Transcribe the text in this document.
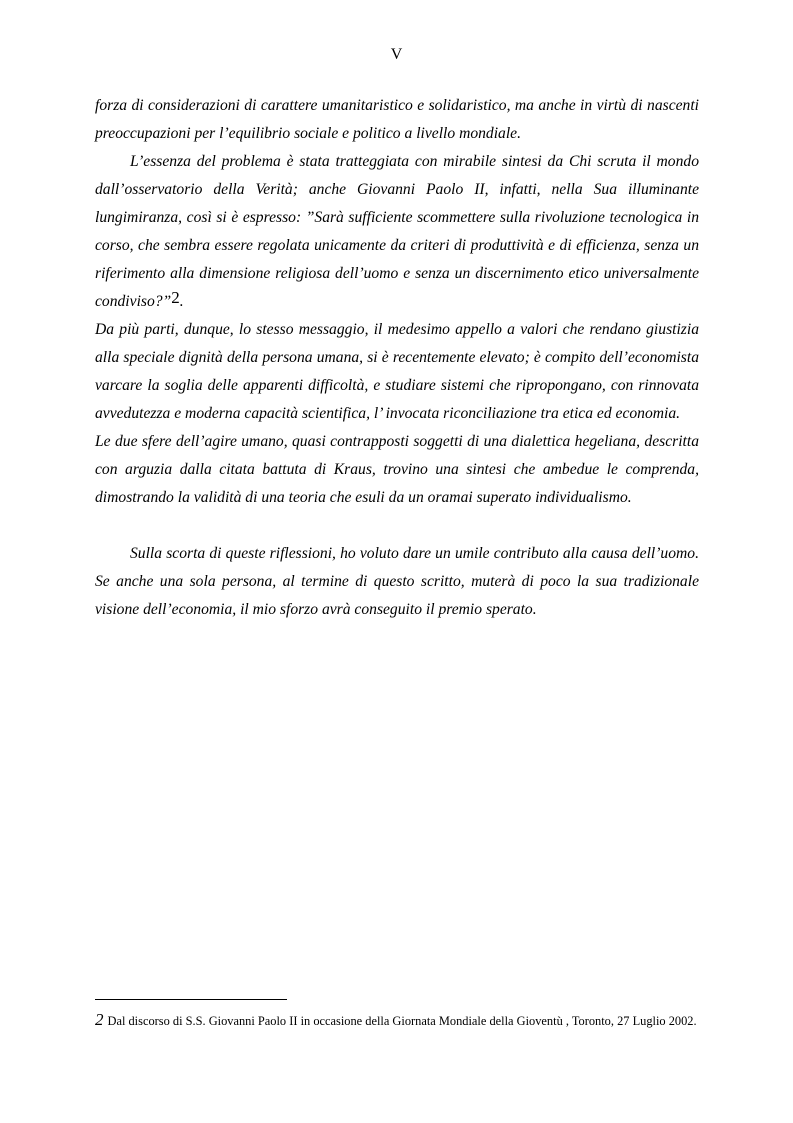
V

forza di considerazioni di carattere umanitaristico e solidaristico, ma anche in virtù di nascenti preoccupazioni per l’equilibrio sociale e politico a livello mondiale.

L’essenza del problema è stata tratteggiata con mirabile sintesi da Chi scruta il mondo dall’osservatorio della Verità; anche Giovanni Paolo II, infatti, nella Sua illuminante lungimiranza, così si è espresso: ”Sarà sufficiente scommettere sulla rivoluzione tecnologica in corso, che sembra essere regolata unicamente da criteri di produttività e di efficienza, senza un riferimento alla dimensione religiosa dell’uomo e senza un discernimento etico universalmente condiviso?”2.

Da più parti, dunque, lo stesso messaggio, il medesimo appello a valori che rendano giustizia alla speciale dignità della persona umana, si è recentemente elevato; è compito dell’economista varcare la soglia delle apparenti difficoltà, e studiare sistemi che ripropongano, con rinnovata avvedutezza e moderna capacità scientifica, l’ invocata riconciliazione tra etica ed economia.

Le due sfere dell’agire umano, quasi contrapposti soggetti di una dialettica hegeliana, descritta con arguzia dalla citata battuta di Kraus, trovino una sintesi che ambedue le comprenda, dimostrando la validità di una teoria che esuli da un oramai superato individualismo.

Sulla scorta di queste riflessioni, ho voluto dare un umile contributo alla causa dell’uomo. Se anche una sola persona, al termine di questo scritto, muterà di poco la sua tradizionale visione dell’economia, il mio sforzo avrà conseguito il premio sperato.

2 Dal discorso di S.S. Giovanni Paolo II in occasione della Giornata Mondiale della Gioventù , Toronto, 27 Luglio 2002.
